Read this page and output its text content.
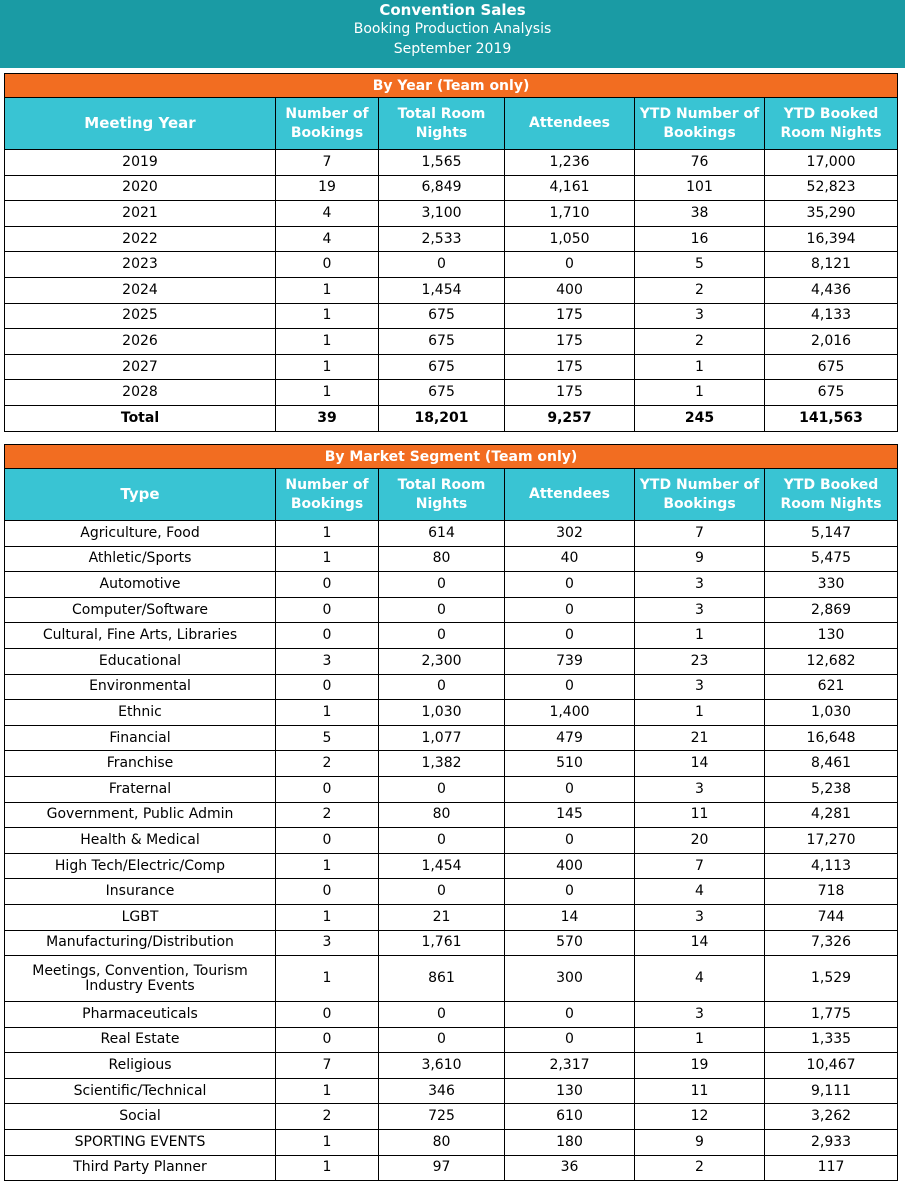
Convention Sales
Booking Production Analysis
September 2019
By Year (Team only)					
Meeting Year	Number of Bookings	Total Room Nights	Attendees	YTD Number of Bookings	YTD Booked Room Nights
2019	7	1,565	1,236	76	17,000
2020	19	6,849	4,161	101	52,823
2021	4	3,100	1,710	38	35,290
2022	4	2,533	1,050	16	16,394
2023	0	0	0	5	8,121
2024	1	1,454	400	2	4,436
2025	1	675	175	3	4,133
2026	1	675	175	2	2,016
2027	1	675	175	1	675
2028	1	675	175	1	675
Total	39	18,201	9,257	245	141,563
By Market Segment (Team only)					
Type	Number of Bookings	Total Room Nights	Attendees	YTD Number of Bookings	YTD Booked Room Nights
Agriculture, Food	1	614	302	7	5,147
Athletic/Sports	1	80	40	9	5,475
Automotive	0	0	0	3	330
Computer/Software	0	0	0	3	2,869
Cultural, Fine Arts, Libraries	0	0	0	1	130
Educational	3	2,300	739	23	12,682
Environmental	0	0	0	3	621
Ethnic	1	1,030	1,400	1	1,030
Financial	5	1,077	479	21	16,648
Franchise	2	1,382	510	14	8,461
Fraternal	0	0	0	3	5,238
Government, Public Admin	2	80	145	11	4,281
Health & Medical	0	0	0	20	17,270
High Tech/Electric/Comp	1	1,454	400	7	4,113
Insurance	0	0	0	4	718
LGBT	1	21	14	3	744
Manufacturing/Distribution	3	1,761	570	14	7,326
Meetings, Convention, Tourism Industry Events	1	861	300	4	1,529
Pharmaceuticals	0	0	0	3	1,775
Real Estate	0	0	0	1	1,335
Religious	7	3,610	2,317	19	10,467
Scientific/Technical	1	346	130	11	9,111
Social	2	725	610	12	3,262
SPORTING EVENTS	1	80	180	9	2,933
Third Party Planner	1	97	36	2	117
